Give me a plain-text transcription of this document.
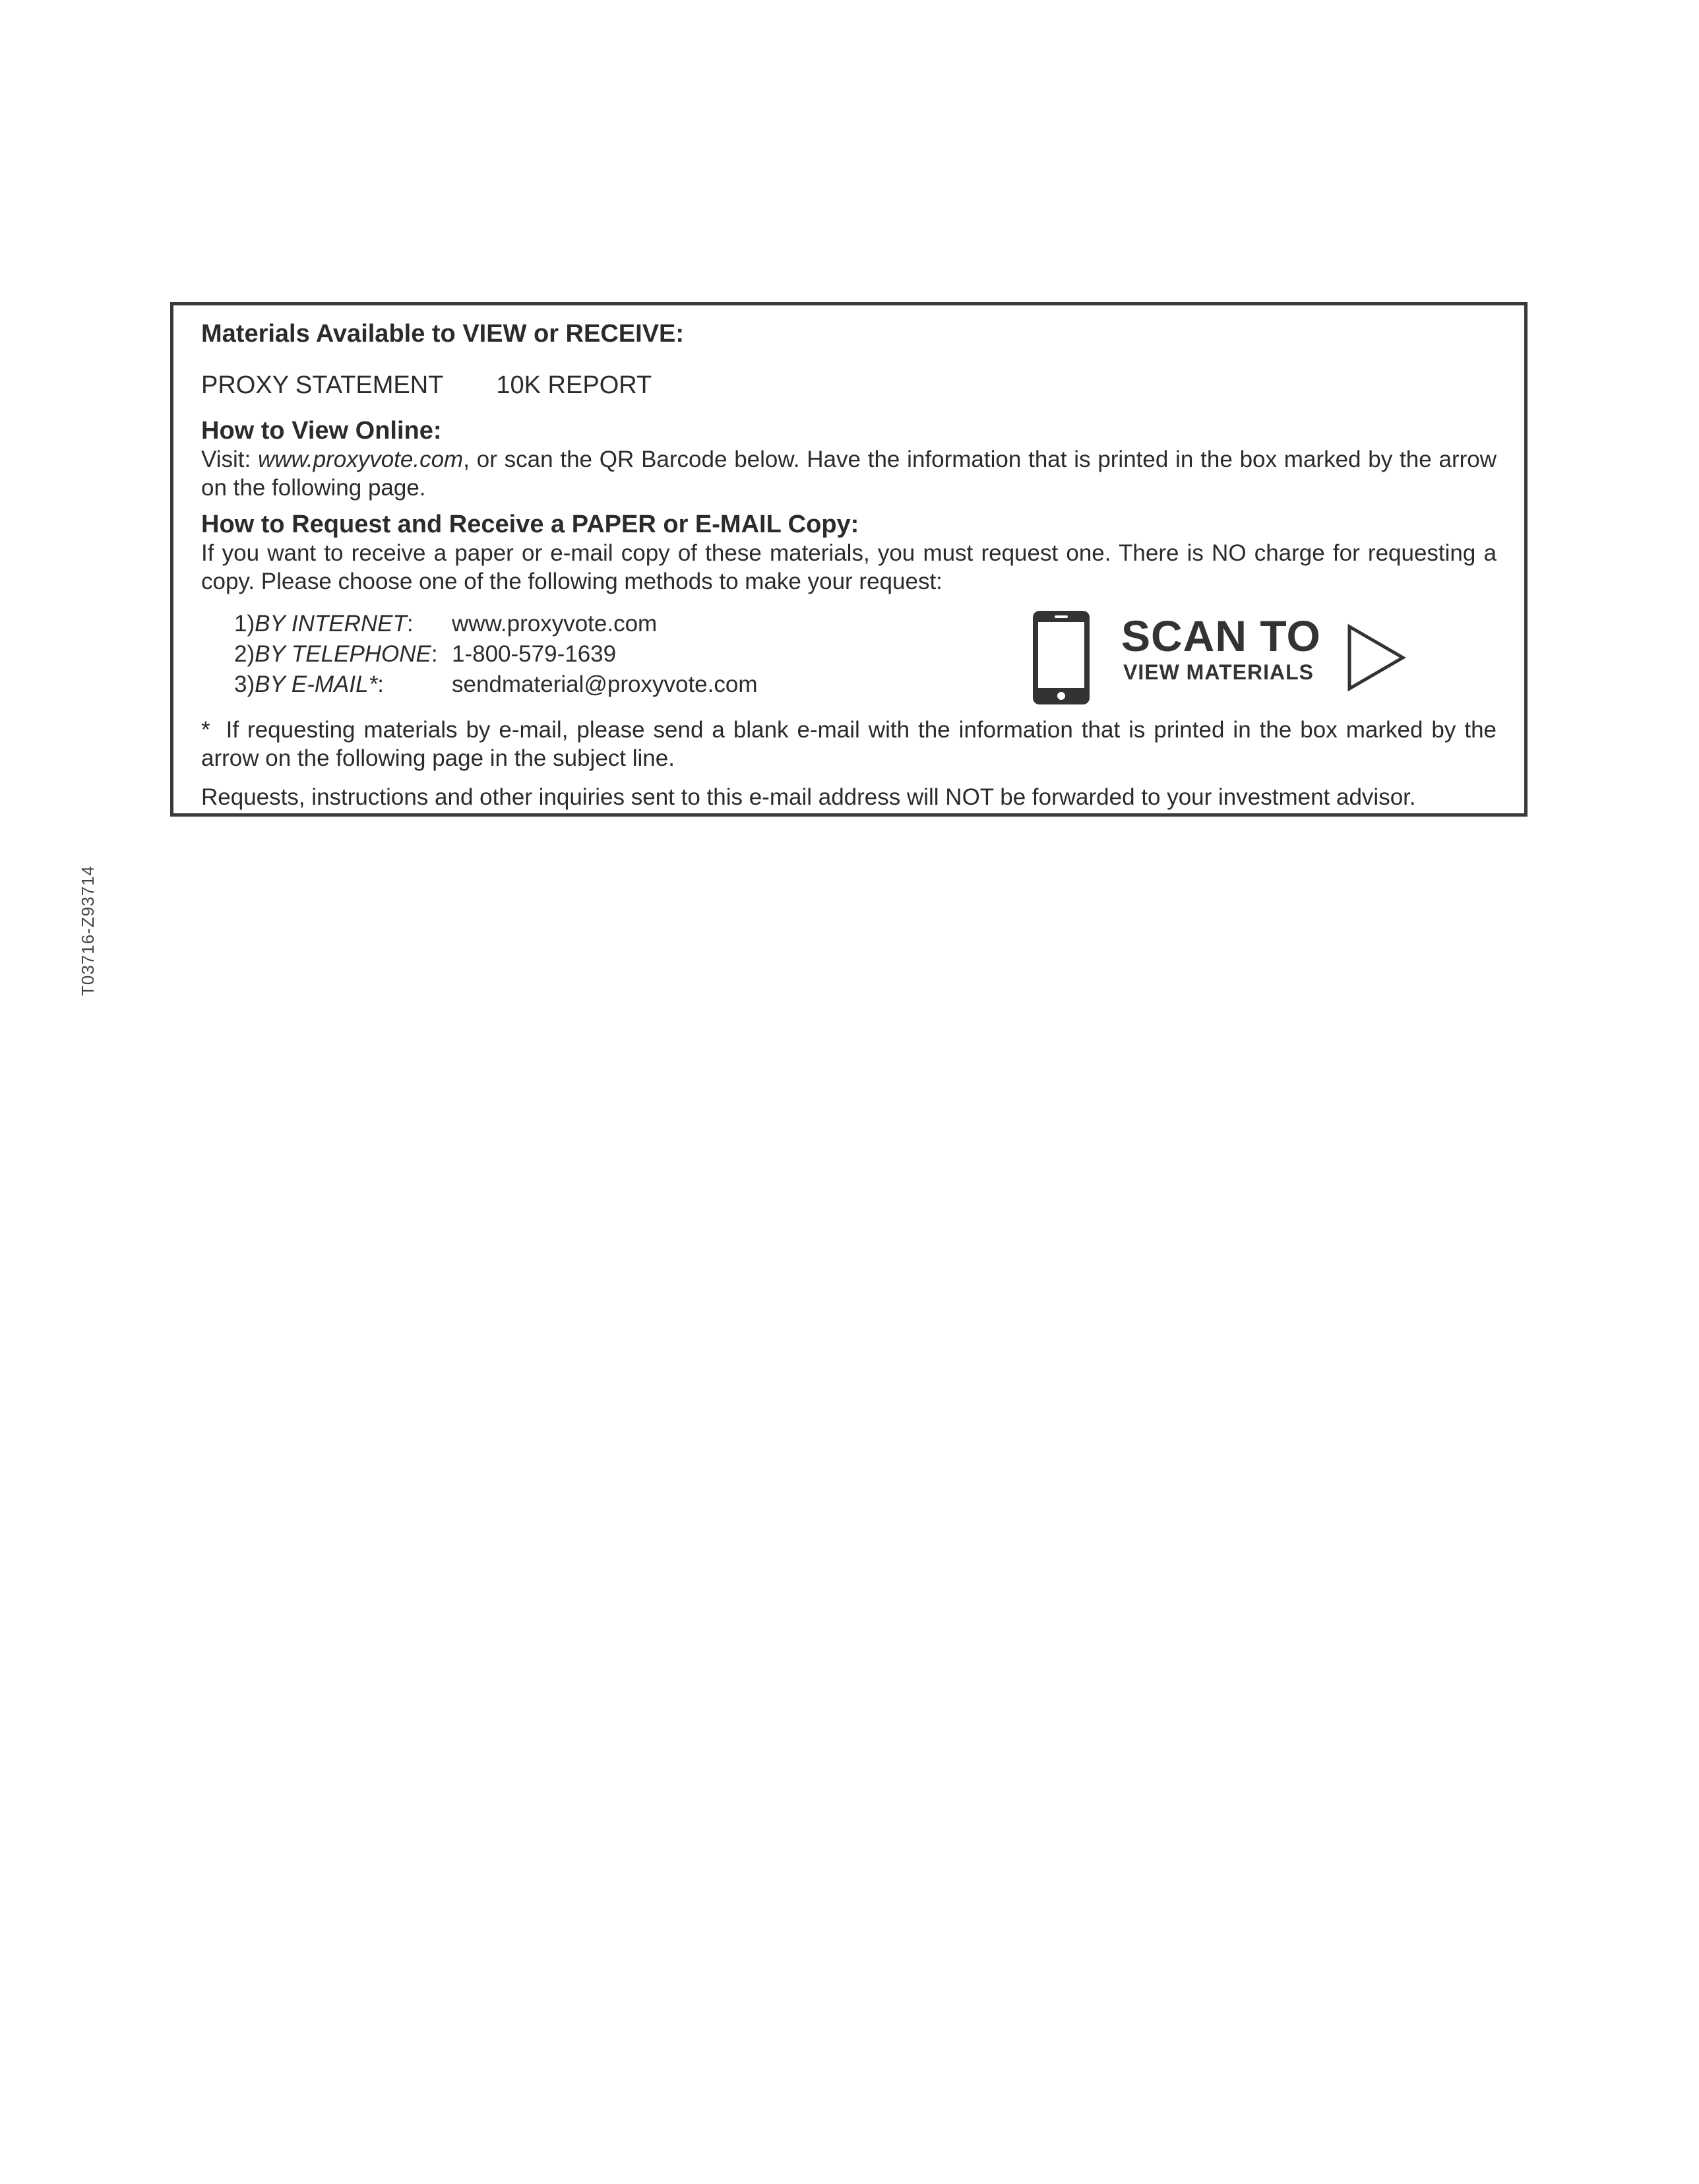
Materials Available to VIEW or RECEIVE:
PROXY STATEMENT 10K REPORT
How to View Online:
Visit: www.proxyvote.com, or scan the QR Barcode below. Have the information that is printed in the box marked by the arrow on the following page.
How to Request and Receive a PAPER or E-MAIL Copy:
If you want to receive a paper or e-mail copy of these materials, you must request one. There is NO charge for requesting a copy. Please choose one of the following methods to make your request:
1)BY INTERNET: www.proxyvote.com
2)BY TELEPHONE: 1-800-579-1639
3)BY E-MAIL*:	sendmaterial@proxyvote.com
SCAN TO
VIEW MATERIALS
* If requesting materials by e-mail, please send a blank e-mail with the information that is printed in the box marked by the arrow on the following page in the subject line.
Requests, instructions and other inquiries sent to this e-mail address will NOT be forwarded to your investment advisor.
T03716-Z93714
